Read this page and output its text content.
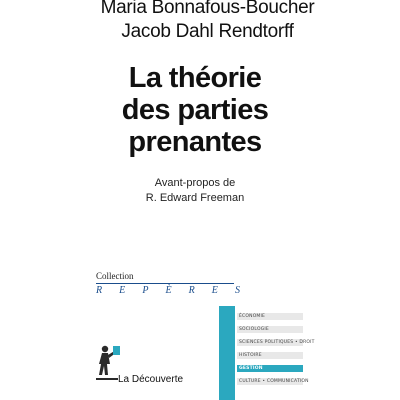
Maria Bonnafous-Boucher
Jacob Dahl Rendtorff
La théorie
des parties
prenantes
Avant-propos de
R. Edward Freeman
Collection
R E P È R E S
ÉCONOMIE
SOCIOLOGIE
SCIENCES POLITIQUES • DROIT
HISTOIRE
GESTION
CULTURE • COMMUNICATION
La Découverte
